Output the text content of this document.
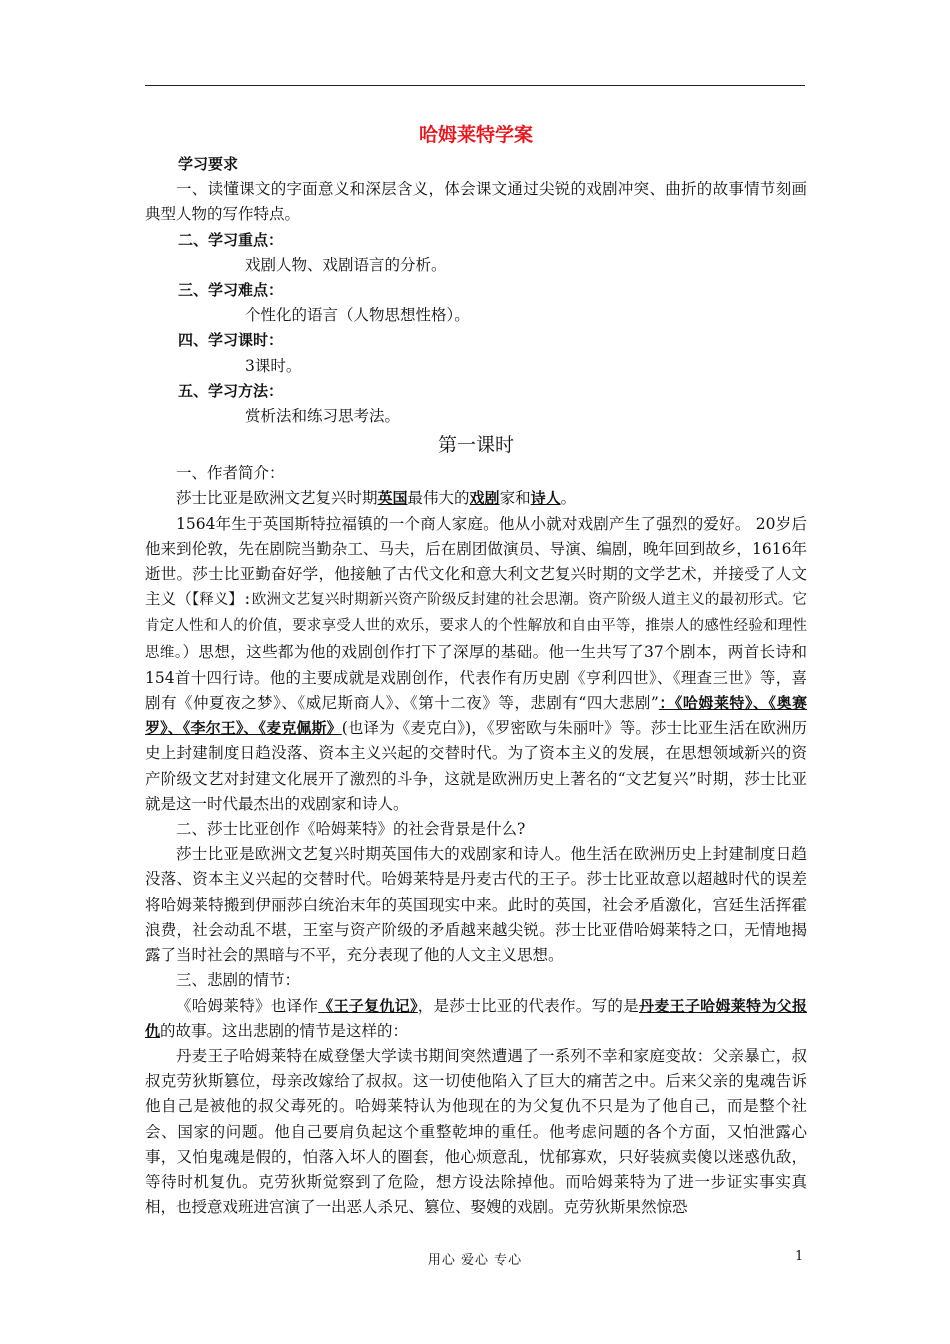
哈姆莱特学案

学习要求

一、读懂课文的字面意义和深层含义，体会课文通过尖锐的戏剧冲突、曲折的故事情节刻画典型人物的写作特点。

二、学习重点：

戏剧人物、戏剧语言的分析。

三、学习难点：

个性化的语言（人物思想性格）。

四、学习课时：

3课时。

五、学习方法：

赏析法和练习思考法。

第一课时

一、作者简介：

莎士比亚是欧洲文艺复兴时期英国最伟大的戏剧家和诗人。

1564年生于英国斯特拉福镇的一个商人家庭。他从小就对戏剧产生了强烈的爱好。 20岁后他来到伦敦，先在剧院当勤杂工、马夫，后在剧团做演员、导演、编剧，晚年回到故乡，1616年逝世。莎士比亚勤奋好学，他接触了古代文化和意大利文艺复兴时期的文学艺术，并接受了人文主义（【释义】:欧洲文艺复兴时期新兴资产阶级反封建的社会思潮。资产阶级人道主义的最初形式。它肯定人性和人的价值，要求享受人世的欢乐，要求人的个性解放和自由平等，推崇人的感性经验和理性思维。）思想，这些都为他的戏剧创作打下了深厚的基础。他一生共写了37个剧本，两首长诗和154首十四行诗。他的主要成就是戏剧创作，代表作有历史剧《亨利四世》、《理查三世》等，喜剧有《仲夏夜之梦》、《威尼斯商人》、《第十二夜》等，悲剧有“四大悲剧”：《哈姆莱特》、《奥赛罗》、《李尔王》、《麦克佩斯》(也译为《麦克白》)，《罗密欧与朱丽叶》等。莎士比亚生活在欧洲历史上封建制度日趋没落、资本主义兴起的交替时代。为了资本主义的发展，在思想领域新兴的资产阶级文艺对封建文化展开了激烈的斗争，这就是欧洲历史上著名的“文艺复兴”时期，莎士比亚就是这一时代最杰出的戏剧家和诗人。

二、莎士比亚创作《哈姆莱特》的社会背景是什么?

莎士比亚是欧洲文艺复兴时期英国伟大的戏剧家和诗人。他生活在欧洲历史上封建制度日趋没落、资本主义兴起的交替时代。哈姆莱特是丹麦古代的王子。莎士比亚故意以超越时代的误差将哈姆莱特搬到伊丽莎白统治末年的英国现实中来。此时的英国，社会矛盾激化，宫廷生活挥霍浪费，社会动乱不堪，王室与资产阶级的矛盾越来越尖锐。莎士比亚借哈姆莱特之口，无情地揭露了当时社会的黑暗与不平，充分表现了他的人文主义思想。

三、悲剧的情节：

《哈姆莱特》也译作《王子复仇记》，是莎士比亚的代表作。写的是丹麦王子哈姆莱特为父报仇的故事。这出悲剧的情节是这样的：

丹麦王子哈姆莱特在威登堡大学读书期间突然遭遇了一系列不幸和家庭变故：父亲暴亡，叔叔克劳狄斯篡位，母亲改嫁给了叔叔。这一切使他陷入了巨大的痛苦之中。后来父亲的鬼魂告诉他自己是被他的叔父毒死的。哈姆莱特认为他现在的为父复仇不只是为了他自己，而是整个社会、国家的问题。他自己要肩负起这个重整乾坤的重任。他考虑问题的各个方面，又怕泄露心事，又怕鬼魂是假的，怕落入坏人的圈套，他心烦意乱，忧郁寡欢，只好装疯卖傻以迷惑仇敌，等待时机复仇。克劳狄斯觉察到了危险，想方设法除掉他。而哈姆莱特为了进一步证实事实真相，也授意戏班进宫演了一出恶人杀兄、篡位、娶嫂的戏剧。克劳狄斯果然惊恐

用心 爱心 专心	1
